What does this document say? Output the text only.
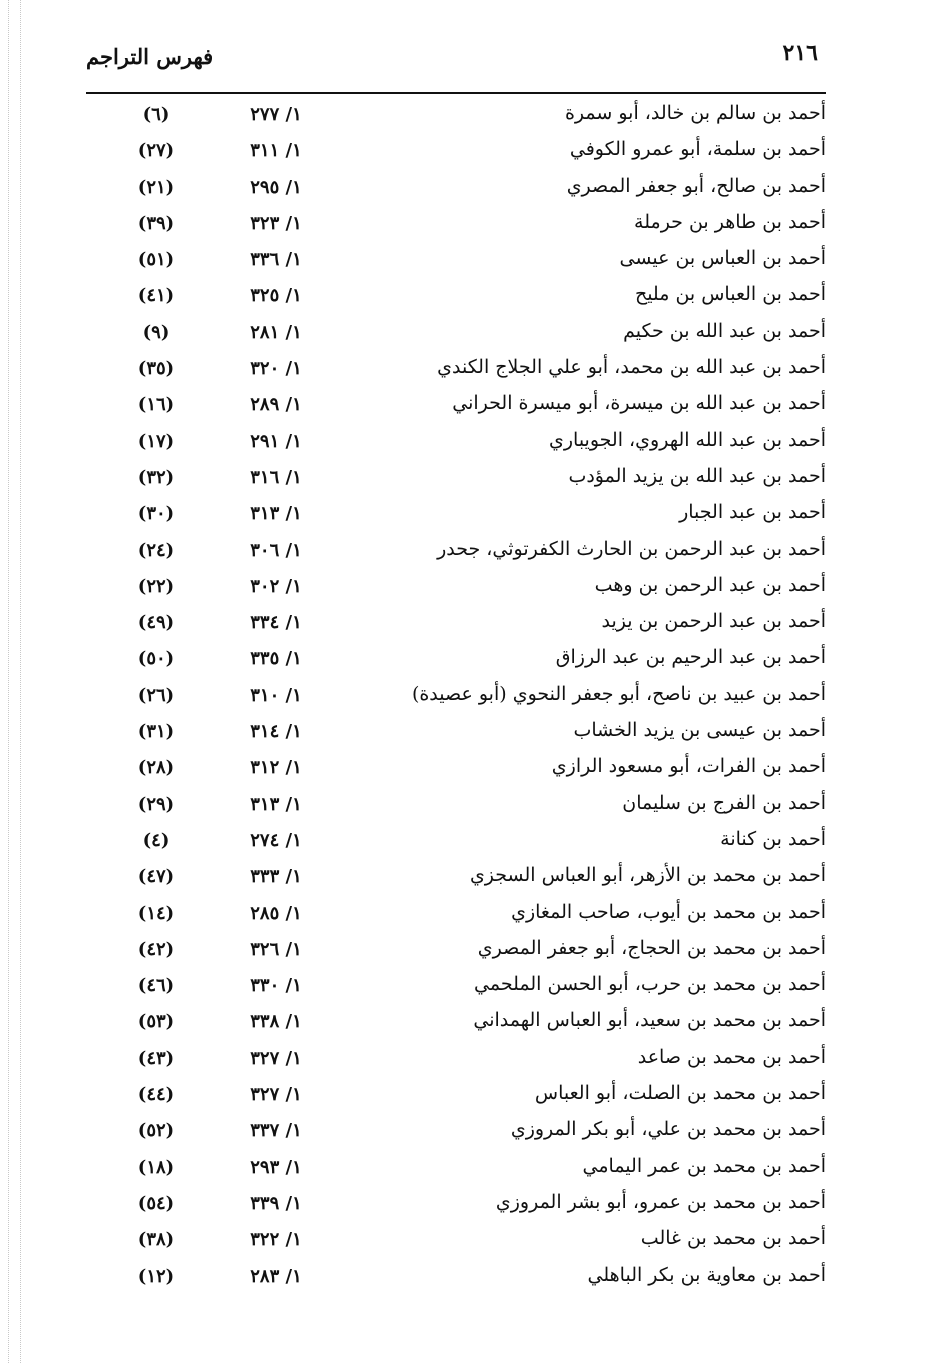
٢١٦
فهرس التراجم
أحمد بن سالم بن خالد، أبو سمرة
١/ ٢٧٧
(٦)
أحمد بن سلمة، أبو عمرو الكوفي
١/ ٣١١
(٢٧)
أحمد بن صالح، أبو جعفر المصري
١/ ٢٩٥
(٢١)
أحمد بن طاهر بن حرملة
١/ ٣٢٣
(٣٩)
أحمد بن العباس بن عيسى
١/ ٣٣٦
(٥١)
أحمد بن العباس بن مليح
١/ ٣٢٥
(٤١)
أحمد بن عبد الله بن حكيم
١/ ٢٨١
(٩)
أحمد بن عبد الله بن محمد، أبو علي الجلاج الكندي
١/ ٣٢٠
(٣٥)
أحمد بن عبد الله بن ميسرة، أبو ميسرة الحراني
١/ ٢٨٩
(١٦)
أحمد بن عبد الله الهروي، الجويباري
١/ ٢٩١
(١٧)
أحمد بن عبد الله بن يزيد المؤدب
١/ ٣١٦
(٣٢)
أحمد بن عبد الجبار
١/ ٣١٣
(٣٠)
أحمد بن عبد الرحمن بن الحارث الكفرتوثي، جحدر
١/ ٣٠٦
(٢٤)
أحمد بن عبد الرحمن بن وهب
١/ ٣٠٢
(٢٢)
أحمد بن عبد الرحمن بن يزيد
١/ ٣٣٤
(٤٩)
أحمد بن عبد الرحيم بن عبد الرزاق
١/ ٣٣٥
(٥٠)
أحمد بن عبيد بن ناصح، أبو جعفر النحوي (أبو عصيدة)
١/ ٣١٠
(٢٦)
أحمد بن عيسى بن يزيد الخشاب
١/ ٣١٤
(٣١)
أحمد بن الفرات، أبو مسعود الرازي
١/ ٣١٢
(٢٨)
أحمد بن الفرج بن سليمان
١/ ٣١٣
(٢٩)
أحمد بن كنانة
١/ ٢٧٤
(٤)
أحمد بن محمد بن الأزهر، أبو العباس السجزي
١/ ٣٣٣
(٤٧)
أحمد بن محمد بن أيوب، صاحب المغازي
١/ ٢٨٥
(١٤)
أحمد بن محمد بن الحجاج، أبو جعفر المصري
١/ ٣٢٦
(٤٢)
أحمد بن محمد بن حرب، أبو الحسن الملحمي
١/ ٣٣٠
(٤٦)
أحمد بن محمد بن سعيد، أبو العباس الهمداني
١/ ٣٣٨
(٥٣)
أحمد بن محمد بن صاعد
١/ ٣٢٧
(٤٣)
أحمد بن محمد بن الصلت، أبو العباس
١/ ٣٢٧
(٤٤)
أحمد بن محمد بن علي، أبو بكر المروزي
١/ ٣٣٧
(٥٢)
أحمد بن محمد بن عمر اليمامي
١/ ٢٩٣
(١٨)
أحمد بن محمد بن عمرو، أبو بشر المروزي
١/ ٣٣٩
(٥٤)
أحمد بن محمد بن غالب
١/ ٣٢٢
(٣٨)
أحمد بن معاوية بن بكر الباهلي
١/ ٢٨٣
(١٢)
